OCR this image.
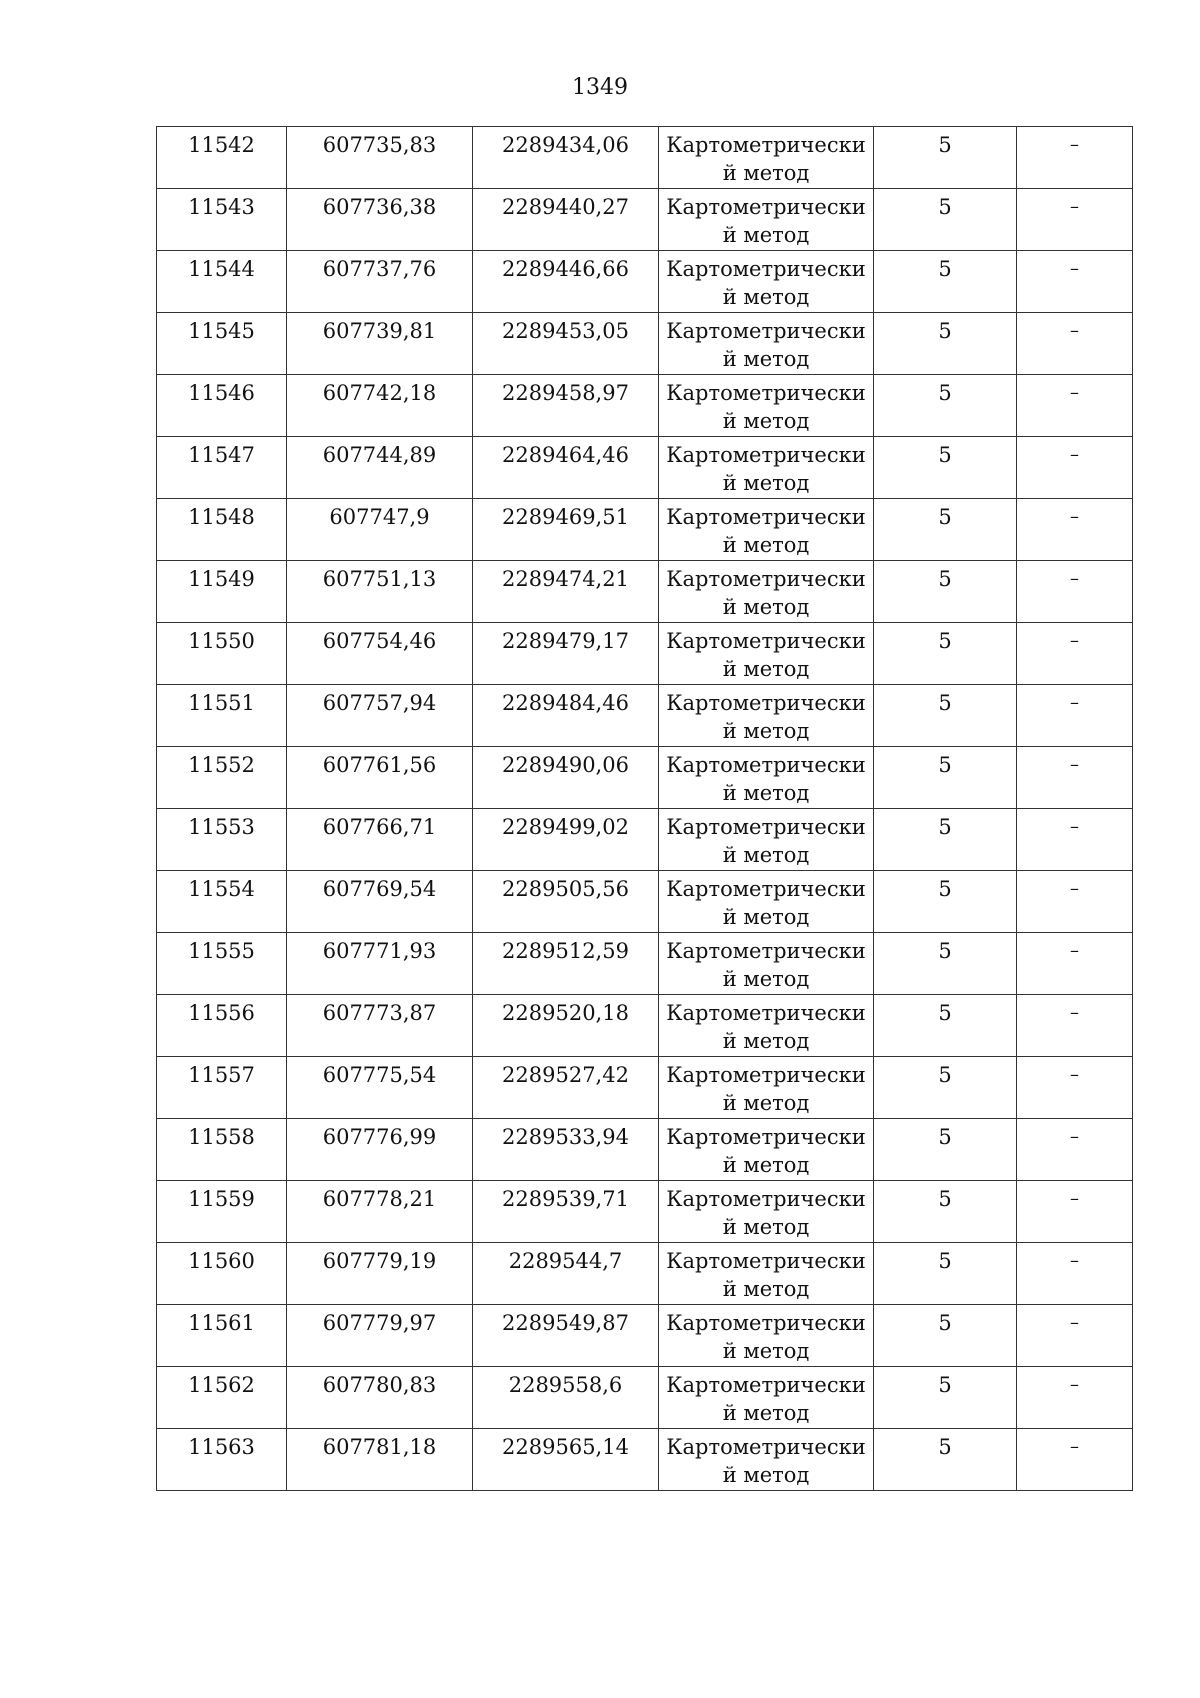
1349
11542	607735,83	2289434,06	Картометрически й метод	5	–
11543	607736,38	2289440,27	Картометрически й метод	5	–
11544	607737,76	2289446,66	Картометрически й метод	5	–
11545	607739,81	2289453,05	Картометрически й метод	5	–
11546	607742,18	2289458,97	Картометрически й метод	5	–
11547	607744,89	2289464,46	Картометрически й метод	5	–
11548	607747,9	2289469,51	Картометрически й метод	5	–
11549	607751,13	2289474,21	Картометрически й метод	5	–
11550	607754,46	2289479,17	Картометрически й метод	5	–
11551	607757,94	2289484,46	Картометрически й метод	5	–
11552	607761,56	2289490,06	Картометрически й метод	5	–
11553	607766,71	2289499,02	Картометрически й метод	5	–
11554	607769,54	2289505,56	Картометрически й метод	5	–
11555	607771,93	2289512,59	Картометрически й метод	5	–
11556	607773,87	2289520,18	Картометрически й метод	5	–
11557	607775,54	2289527,42	Картометрически й метод	5	–
11558	607776,99	2289533,94	Картометрически й метод	5	–
11559	607778,21	2289539,71	Картометрически й метод	5	–
11560	607779,19	2289544,7	Картометрически й метод	5	–
11561	607779,97	2289549,87	Картометрически й метод	5	–
11562	607780,83	2289558,6	Картометрически й метод	5	–
11563	607781,18	2289565,14	Картометрически й метод	5	–
